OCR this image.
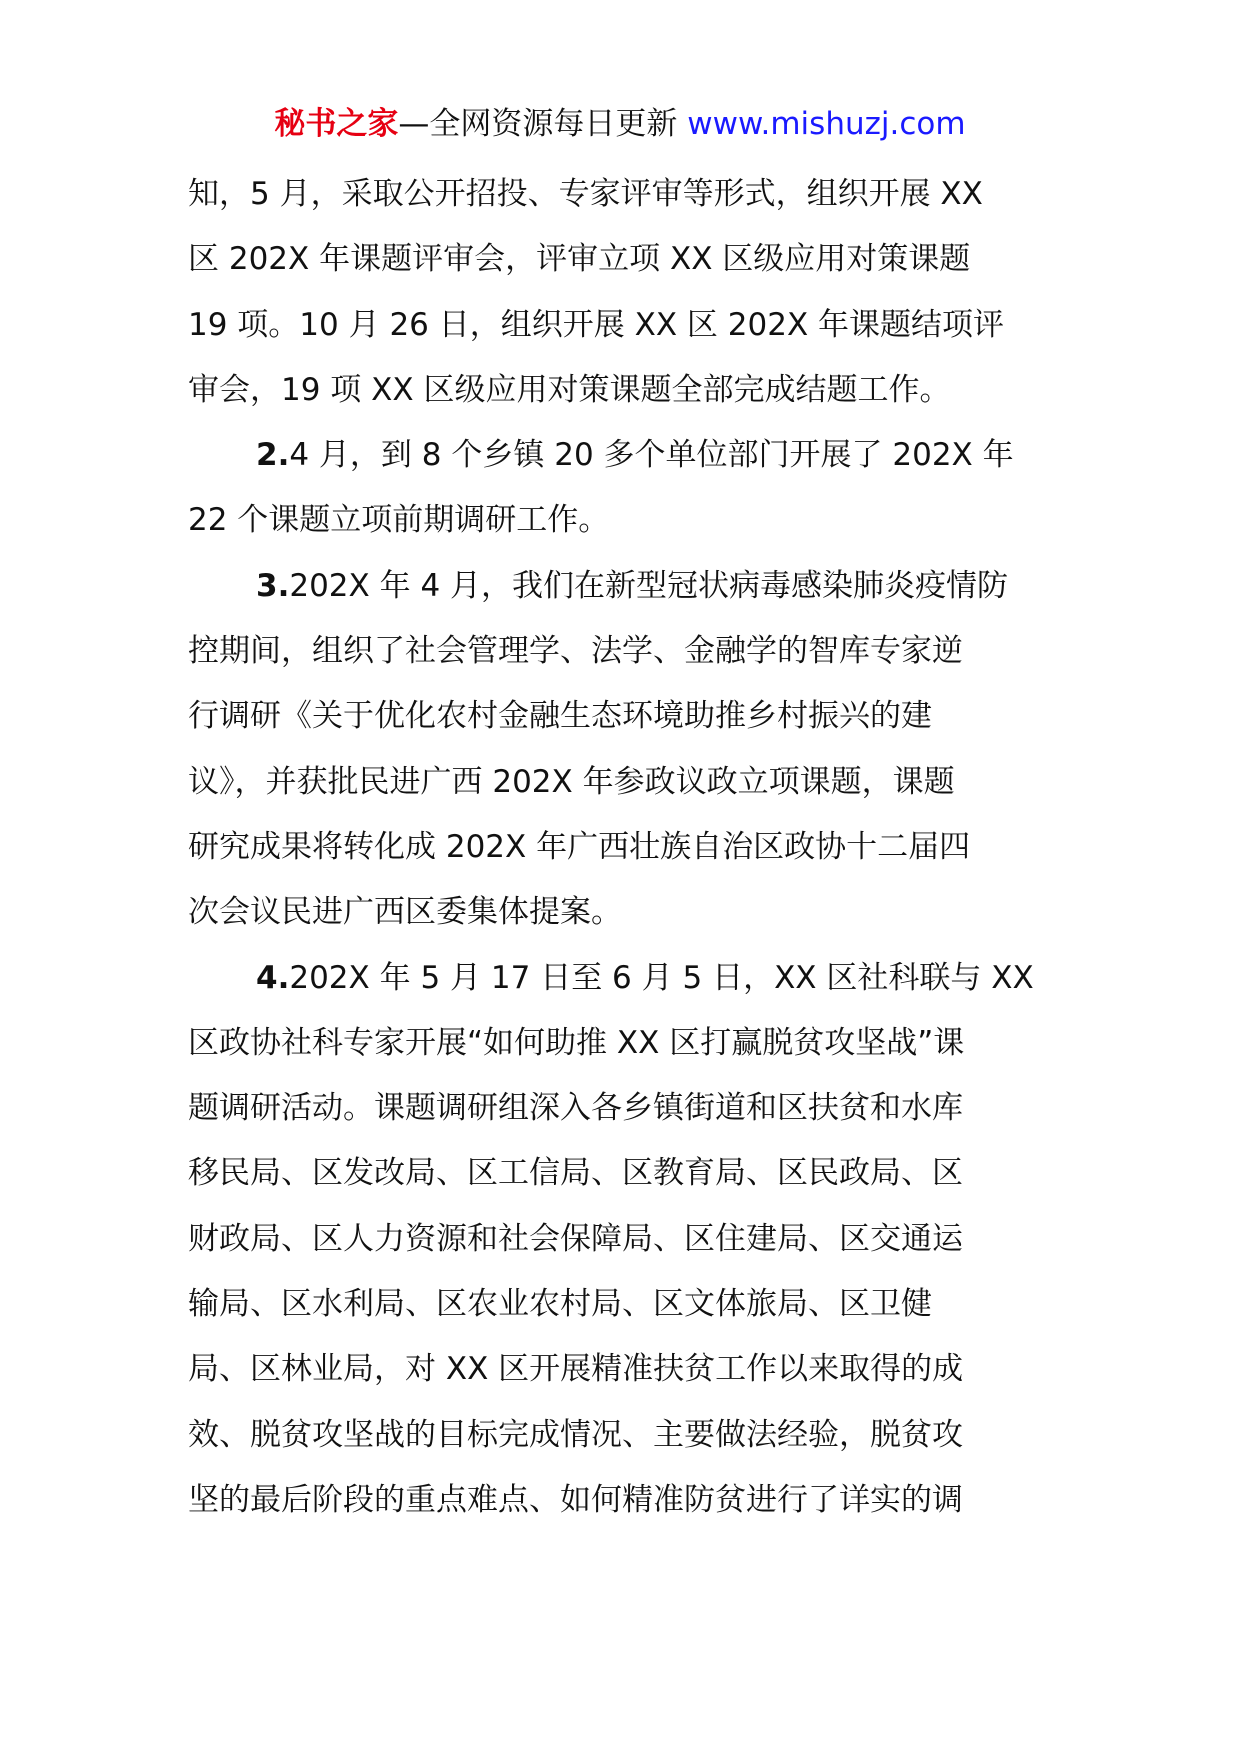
秘书之家—全网资源每日更新 www.mishuzj.com
知，5 月，采取公开招投、专家评审等形式，组织开展 XX
区 202X 年课题评审会，评审立项 XX 区级应用对策课题
19 项。10 月 26 日，组织开展 XX 区 202X 年课题结项评
审会，19 项 XX 区级应用对策课题全部完成结题工作。
2.4 月，到 8 个乡镇 20 多个单位部门开展了 202X 年
22 个课题立项前期调研工作。
3.202X 年 4 月，我们在新型冠状病毒感染肺炎疫情防
控期间，组织了社会管理学、法学、金融学的智库专家逆
行调研《关于优化农村金融生态环境助推乡村振兴的建
议》，并获批民进广西 202X 年参政议政立项课题，课题
研究成果将转化成 202X 年广西壮族自治区政协十二届四
次会议民进广西区委集体提案。
4.202X 年 5 月 17 日至 6 月 5 日，XX 区社科联与 XX
区政协社科专家开展“如何助推 XX 区打赢脱贫攻坚战”课
题调研活动。课题调研组深入各乡镇街道和区扶贫和水库
移民局、区发改局、区工信局、区教育局、区民政局、区
财政局、区人力资源和社会保障局、区住建局、区交通运
输局、区水利局、区农业农村局、区文体旅局、区卫健
局、区林业局，对 XX 区开展精准扶贫工作以来取得的成
效、脱贫攻坚战的目标完成情况、主要做法经验，脱贫攻
坚的最后阶段的重点难点、如何精准防贫进行了详实的调
